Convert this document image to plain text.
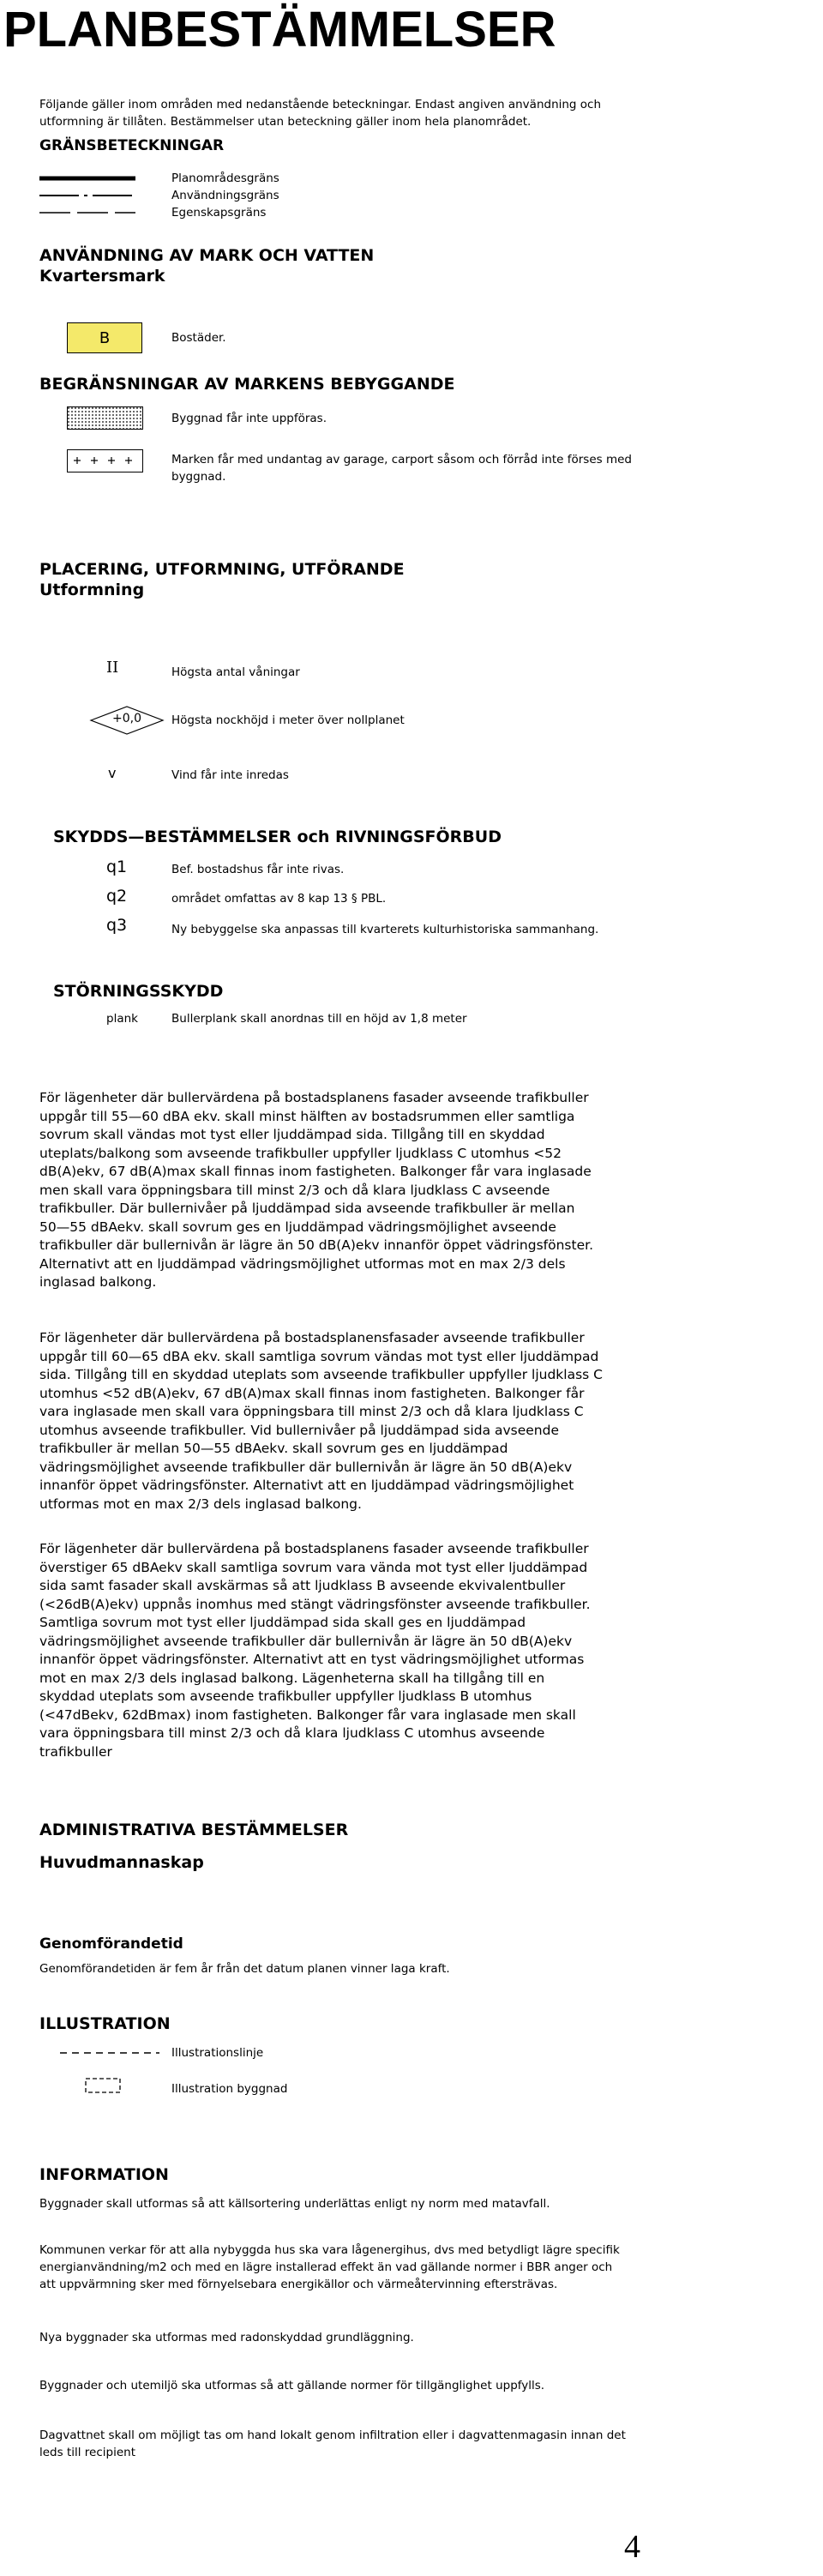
PLANBESTÄMMELSER
Följande gäller inom områden med nedanstående beteckningar. Endast angiven användning och
utformning är tillåten. Bestämmelser utan beteckning gäller inom hela planområdet.
GRÄNSBETECKNINGAR
Planområdesgräns
Användningsgräns
Egenskapsgräns
ANVÄNDNING AV MARK OCH VATTEN
Kvartersmark
B	Bostäder.
BEGRÄNSNINGAR AV MARKENS BEBYGGANDE
Byggnad får inte uppföras.
Marken får med undantag av garage, carport såsom och förråd inte förses med
byggnad.
PLACERING, UTFORMNING, UTFÖRANDE
Utformning
II	Högsta antal våningar
+0,0	Högsta nockhöjd i meter över nollplanet
v	Vind får inte inredas
SKYDDS—BESTÄMMELSER och RIVNINGSFÖRBUD
q1	Bef. bostadshus får inte rivas.
q2	området omfattas av 8 kap 13 § PBL.
q3	Ny bebyggelse ska anpassas till kvarterets kulturhistoriska sammanhang.
STÖRNINGSSKYDD
plank	Bullerplank skall anordnas till en höjd av 1,8 meter
För lägenheter där bullervärdena på bostadsplanens fasader avseende trafikbuller
uppgår till 55—60 dBA ekv. skall minst hälften av bostadsrummen eller samtliga
sovrum skall vändas mot tyst eller ljuddämpad sida. Tillgång till en skyddad
uteplats/balkong som avseende trafikbuller uppfyller ljudklass C utomhus <52
dB(A)ekv, 67 dB(A)max skall finnas inom fastigheten. Balkonger får vara inglasade
men skall vara öppningsbara till minst 2/3 och då klara ljudklass C avseende
trafikbuller. Där bullernivåer på ljuddämpad sida avseende trafikbuller är mellan
50—55 dBAekv. skall sovrum ges en ljuddämpad vädringsmöjlighet avseende
trafikbuller där bullernivån är lägre än 50 dB(A)ekv innanför öppet vädringsfönster.
Alternativt att en ljuddämpad vädringsmöjlighet utformas mot en max 2/3 dels
inglasad balkong.
För lägenheter där bullervärdena på bostadsplanensfasader avseende trafikbuller
uppgår till 60—65 dBA ekv. skall samtliga sovrum vändas mot tyst eller ljuddämpad
sida. Tillgång till en skyddad uteplats som avseende trafikbuller uppfyller ljudklass C
utomhus <52 dB(A)ekv, 67 dB(A)max skall finnas inom fastigheten. Balkonger får
vara inglasade men skall vara öppningsbara till minst 2/3 och då klara ljudklass C
utomhus avseende trafikbuller. Vid bullernivåer på ljuddämpad sida avseende
trafikbuller är mellan 50—55 dBAekv. skall sovrum ges en ljuddämpad
vädringsmöjlighet avseende trafikbuller där bullernivån är lägre än 50 dB(A)ekv
innanför öppet vädringsfönster. Alternativt att en ljuddämpad vädringsmöjlighet
utformas mot en max 2/3 dels inglasad balkong.
För lägenheter där bullervärdena på bostadsplanens fasader avseende trafikbuller
överstiger 65 dBAekv skall samtliga sovrum vara vända mot tyst eller ljuddämpad
sida samt fasader skall avskärmas så att ljudklass B avseende ekvivalentbuller
(<26dB(A)ekv) uppnås inomhus med stängt vädringsfönster avseende trafikbuller.
Samtliga sovrum mot tyst eller ljuddämpad sida skall ges en ljuddämpad
vädringsmöjlighet avseende trafikbuller där bullernivån är lägre än 50 dB(A)ekv
innanför öppet vädringsfönster. Alternativt att en tyst vädringsmöjlighet utformas
mot en max 2/3 dels inglasad balkong. Lägenheterna skall ha tillgång till en
skyddad uteplats som avseende trafikbuller uppfyller ljudklass B utomhus
(<47dBekv, 62dBmax) inom fastigheten. Balkonger får vara inglasade men skall
vara öppningsbara till minst 2/3 och då klara ljudklass C utomhus avseende
trafikbuller
ADMINISTRATIVA BESTÄMMELSER
Huvudmannaskap
Genomförandetid
Genomförandetiden är fem år från det datum planen vinner laga kraft.
ILLUSTRATION
Illustrationslinje
Illustration byggnad
INFORMATION
Byggnader skall utformas så att källsortering underlättas enligt ny norm med matavfall.
Kommunen verkar för att alla nybyggda hus ska vara lågenergihus, dvs med betydligt lägre specifik
energianvändning/m2 och med en lägre installerad effekt än vad gällande normer i BBR anger och
att uppvärmning sker med förnyelsebara energikällor och värmeåtervinning eftersträvas.
Nya byggnader ska utformas med radonskyddad grundläggning.
Byggnader och utemiljö ska utformas så att gällande normer för tillgänglighet uppfylls.
Dagvattnet skall om möjligt tas om hand lokalt genom infiltration eller i dagvattenmagasin innan det
leds till recipient
4
